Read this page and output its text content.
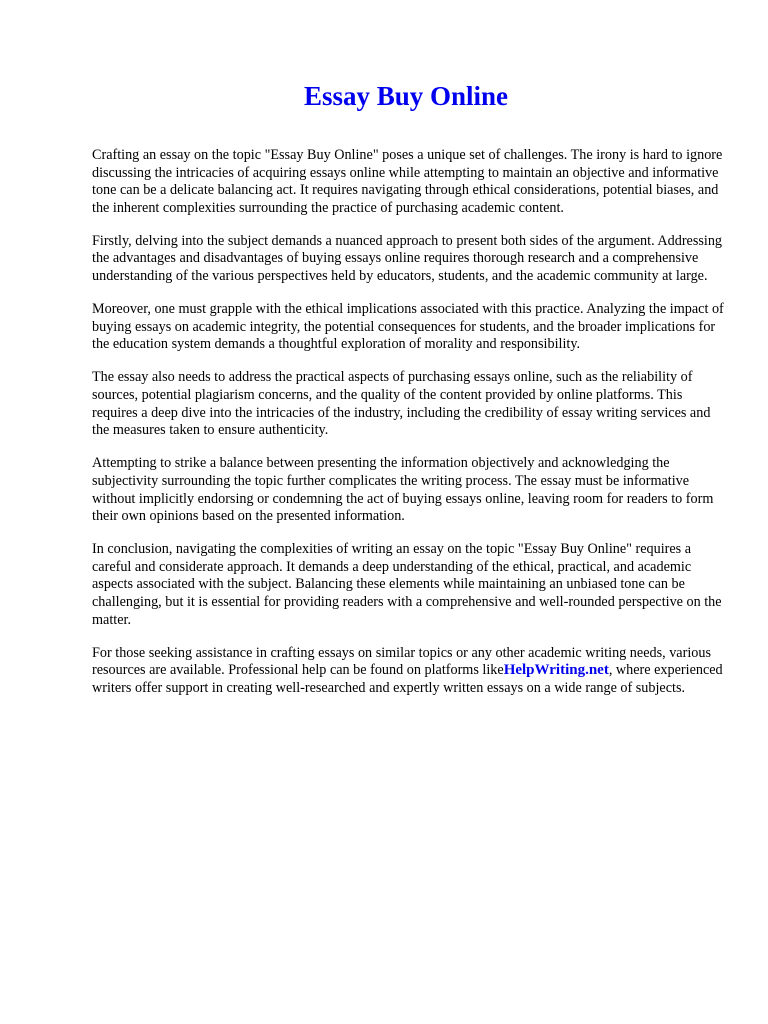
Essay Buy Online

Crafting an essay on the topic "Essay Buy Online" poses a unique set of challenges. The irony is hard to ignore discussing the intricacies of acquiring essays online while attempting to maintain an objective and informative tone can be a delicate balancing act. It requires navigating through ethical considerations, potential biases, and the inherent complexities surrounding the practice of purchasing academic content.

Firstly, delving into the subject demands a nuanced approach to present both sides of the argument. Addressing the advantages and disadvantages of buying essays online requires thorough research and a comprehensive understanding of the various perspectives held by educators, students, and the academic community at large.

Moreover, one must grapple with the ethical implications associated with this practice. Analyzing the impact of buying essays on academic integrity, the potential consequences for students, and the broader implications for the education system demands a thoughtful exploration of morality and responsibility.

The essay also needs to address the practical aspects of purchasing essays online, such as the reliability of sources, potential plagiarism concerns, and the quality of the content provided by online platforms. This requires a deep dive into the intricacies of the industry, including the credibility of essay writing services and the measures taken to ensure authenticity.

Attempting to strike a balance between presenting the information objectively and acknowledging the subjectivity surrounding the topic further complicates the writing process. The essay must be informative without implicitly endorsing or condemning the act of buying essays online, leaving room for readers to form their own opinions based on the presented information.

In conclusion, navigating the complexities of writing an essay on the topic "Essay Buy Online" requires a careful and considerate approach. It demands a deep understanding of the ethical, practical, and academic aspects associated with the subject. Balancing these elements while maintaining an unbiased tone can be challenging, but it is essential for providing readers with a comprehensive and well-rounded perspective on the matter.

For those seeking assistance in crafting essays on similar topics or any other academic writing needs, various resources are available. Professional help can be found on platforms likeHelpWriting.net, where experienced writers offer support in creating well-researched and expertly written essays on a wide range of subjects.
